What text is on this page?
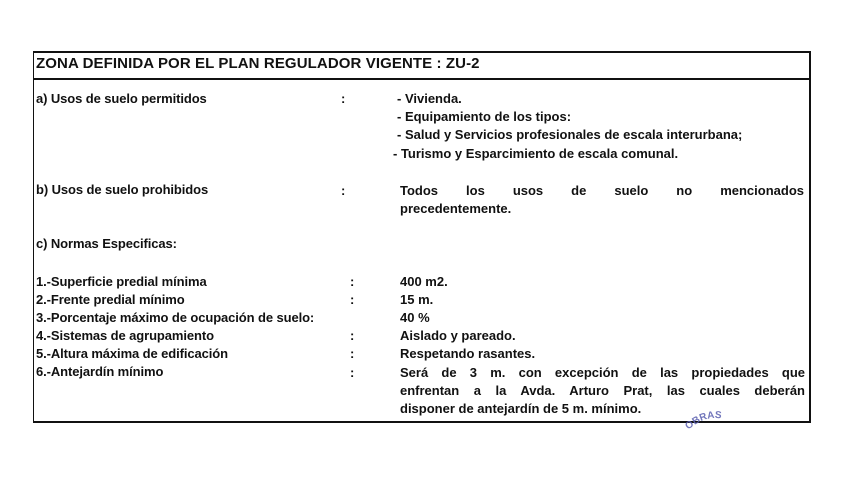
ZONA DEFINIDA POR EL PLAN REGULADOR VIGENTE : ZU-2
a) Usos de suelo permitidos	:	- Vivienda.
- Equipamiento de los tipos:
- Salud y Servicios profesionales de escala interurbana;
- Turismo y Esparcimiento de escala comunal.
b) Usos de suelo prohibidos	:	Todos los usos de suelo no mencionados
precedentemente.
c) Normas Especificas:
1.-Superficie predial mínima	:	400 m2.
2.-Frente predial mínimo	:	15 m.
3.-Porcentaje máximo de ocupación de suelo:	40 %
4.-Sistemas de agrupamiento	:	Aislado y pareado.
5.-Altura máxima de edificación	:	Respetando rasantes.
6.-Antejardín mínimo	:	Será de 3 m. con excepción de las propiedades que
enfrentan a la Avda. Arturo Prat, las cuales deberán
disponer de antejardín de 5 m. mínimo.
OBRAS
